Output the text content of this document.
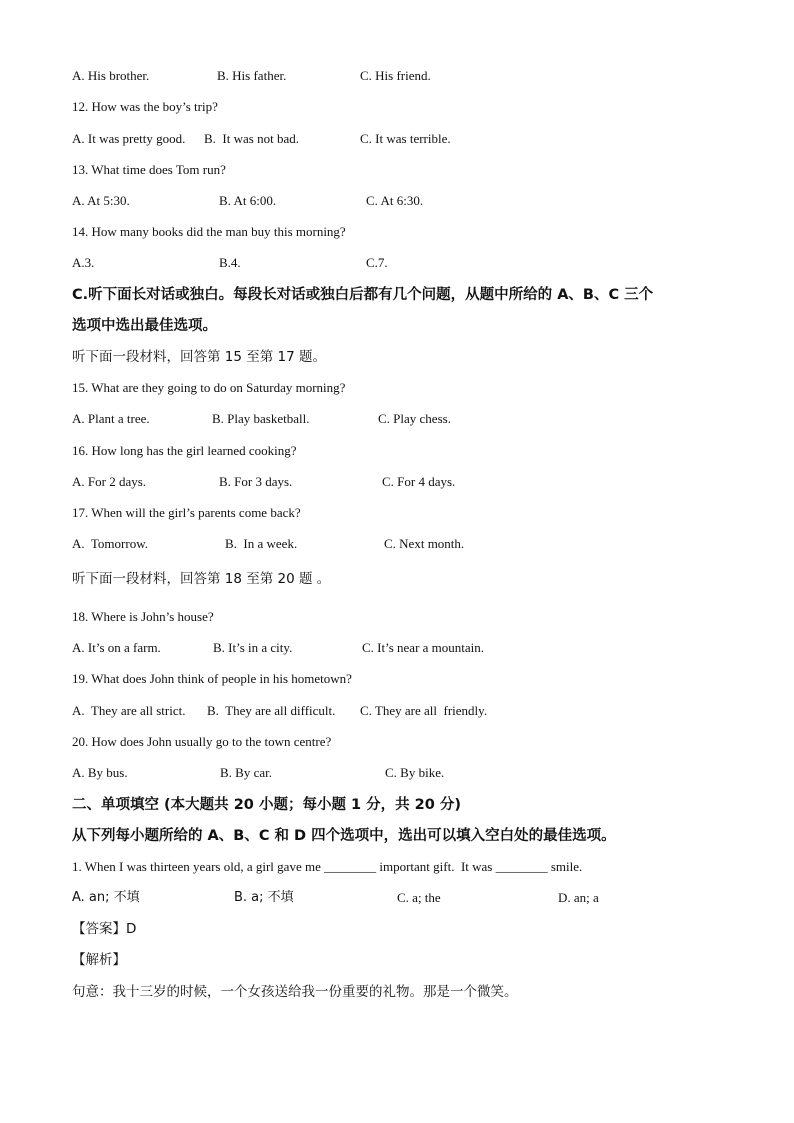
A. His brother.	B. His father.	C. His friend.
12. How was the boy’s trip?
A. It was pretty good. B.  It was not bad.	C. It was terrible.
13. What time does Tom run?
A. At 5:30.	B. At 6:00.	C. At 6:30.
14. How many books did the man buy this morning?
A.3.	B.4.	C.7.
C.听下面长对话或独白。每段长对话或独白后都有几个问题，从题中所给的 A、B、C 三个
选项中选出最佳选项。
听下面一段材料，回答第 15 至第 17 题。
15. What are they going to do on Saturday morning?
A. Plant a tree.	B. Play basketball.	C. Play chess.
16. How long has the girl learned cooking?
A. For 2 days.	B. For 3 days.	C. For 4 days.
17. When will the girl’s parents come back?
A.  Tomorrow.	B.  In a week.	C. Next month.
听下面一段材料，回答第 18 至第 20 题 。
18. Where is John’s house?
A. It’s on a farm.	B. It’s in a city.	C. It’s near a mountain.
19. What does John think of people in his hometown?
A.  They are all strict. B.  They are all difficult. C. They are all  friendly.
20. How does John usually go to the town centre?
A. By bus.	B. By car.	C. By bike.
二、单项填空 (本大题共 20 小题；每小题 1 分，共 20 分)
从下列每小题所给的 A、B、C 和 D 四个选项中，选出可以填入空白处的最佳选项。
1. When I was thirteen years old, a girl gave me ________ important gift.  It was ________ smile.
A. an; 不填	B. a; 不填	C. a; the	D. an; a
【答案】D
【解析】
句意：我十三岁的时候，一个女孩送给我一份重要的礼物。那是一个微笑。
